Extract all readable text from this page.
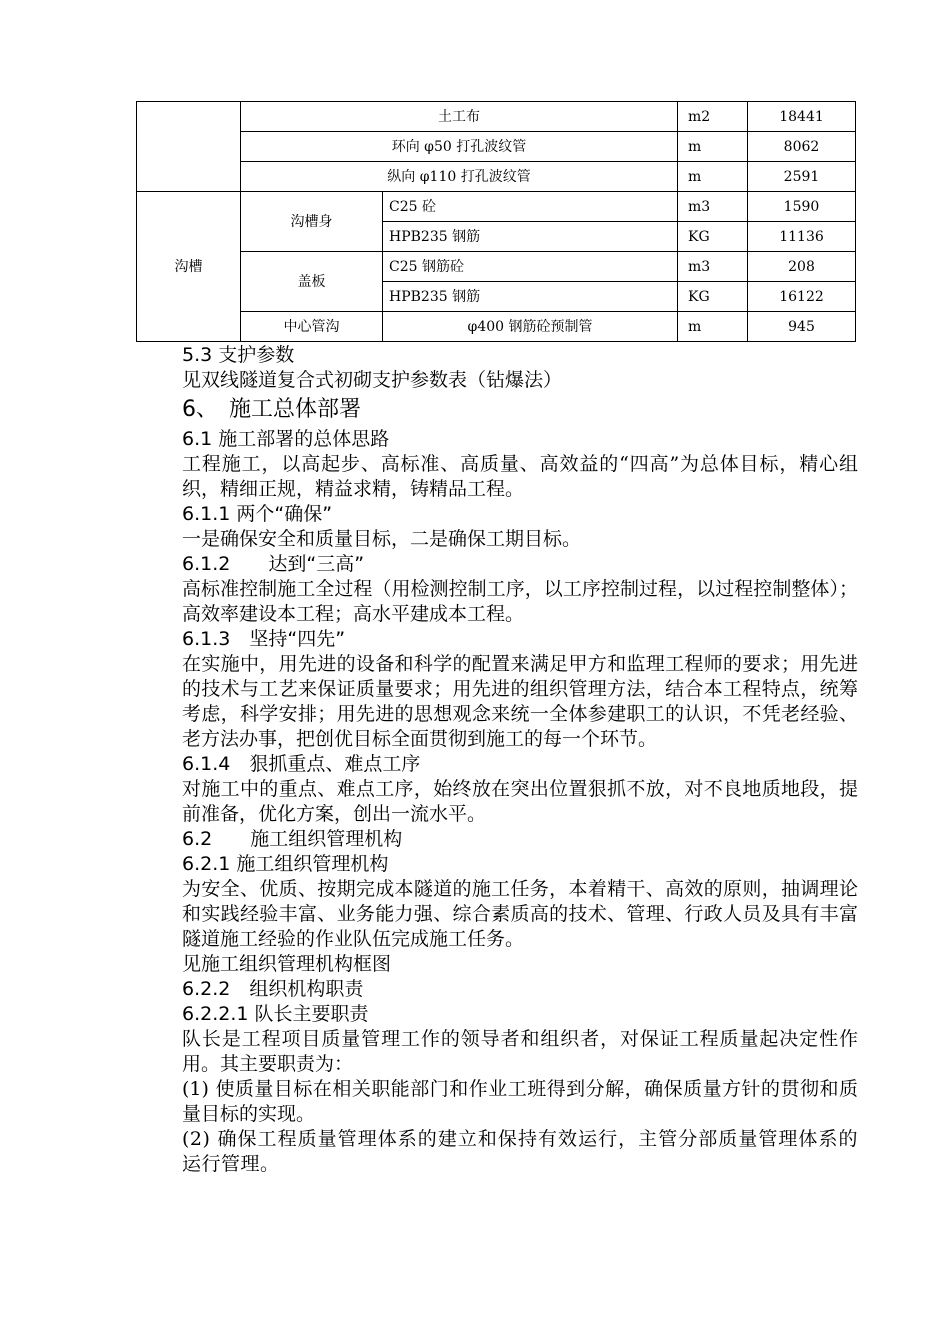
	土工布		m2	18441
	环向 φ50 打孔波纹管		m	8062
	纵向 φ110 打孔波纹管		m	2591
沟槽	沟槽身	C25 砼	m3	1590
		HPB235 钢筋	KG	11136
	盖板	C25 钢筋砼	m3	208
		HPB235 钢筋	KG	16122
	中心管沟	φ400 钢筋砼预制管	m	945

5.3 支护参数

见双线隧道复合式初砌支护参数表（钻爆法）

6、　施工总体部署

6.1 施工部署的总体思路

工程施工，以高起步、高标准、高质量、高效益的“四高”为总体目标，精心组织，精细正规，精益求精，铸精品工程。

6.1.1 两个“确保”

一是确保安全和质量目标，二是确保工期目标。

6.1.2　　达到“三高”

高标准控制施工全过程（用检测控制工序，以工序控制过程，以过程控制整体）；高效率建设本工程；高水平建成本工程。

6.1.3　坚持“四先”

在实施中，用先进的设备和科学的配置来满足甲方和监理工程师的要求；用先进的技术与工艺来保证质量要求；用先进的组织管理方法，结合本工程特点，统筹考虑，科学安排；用先进的思想观念来统一全体参建职工的认识，不凭老经验、老方法办事，把创优目标全面贯彻到施工的每一个环节。

6.1.4　狠抓重点、难点工序

对施工中的重点、难点工序，始终放在突出位置狠抓不放，对不良地质地段，提前准备，优化方案，创出一流水平。

6.2　　施工组织管理机构

6.2.1 施工组织管理机构

为安全、优质、按期完成本隧道的施工任务，本着精干、高效的原则，抽调理论和实践经验丰富、业务能力强、综合素质高的技术、管理、行政人员及具有丰富隧道施工经验的作业队伍完成施工任务。

见施工组织管理机构框图

6.2.2　组织机构职责

6.2.2.1 队长主要职责

队长是工程项目质量管理工作的领导者和组织者，对保证工程质量起决定性作用。其主要职责为：

(1) 使质量目标在相关职能部门和作业工班得到分解，确保质量方针的贯彻和质量目标的实现。

(2) 确保工程质量管理体系的建立和保持有效运行，主管分部质量管理体系的运行管理。
